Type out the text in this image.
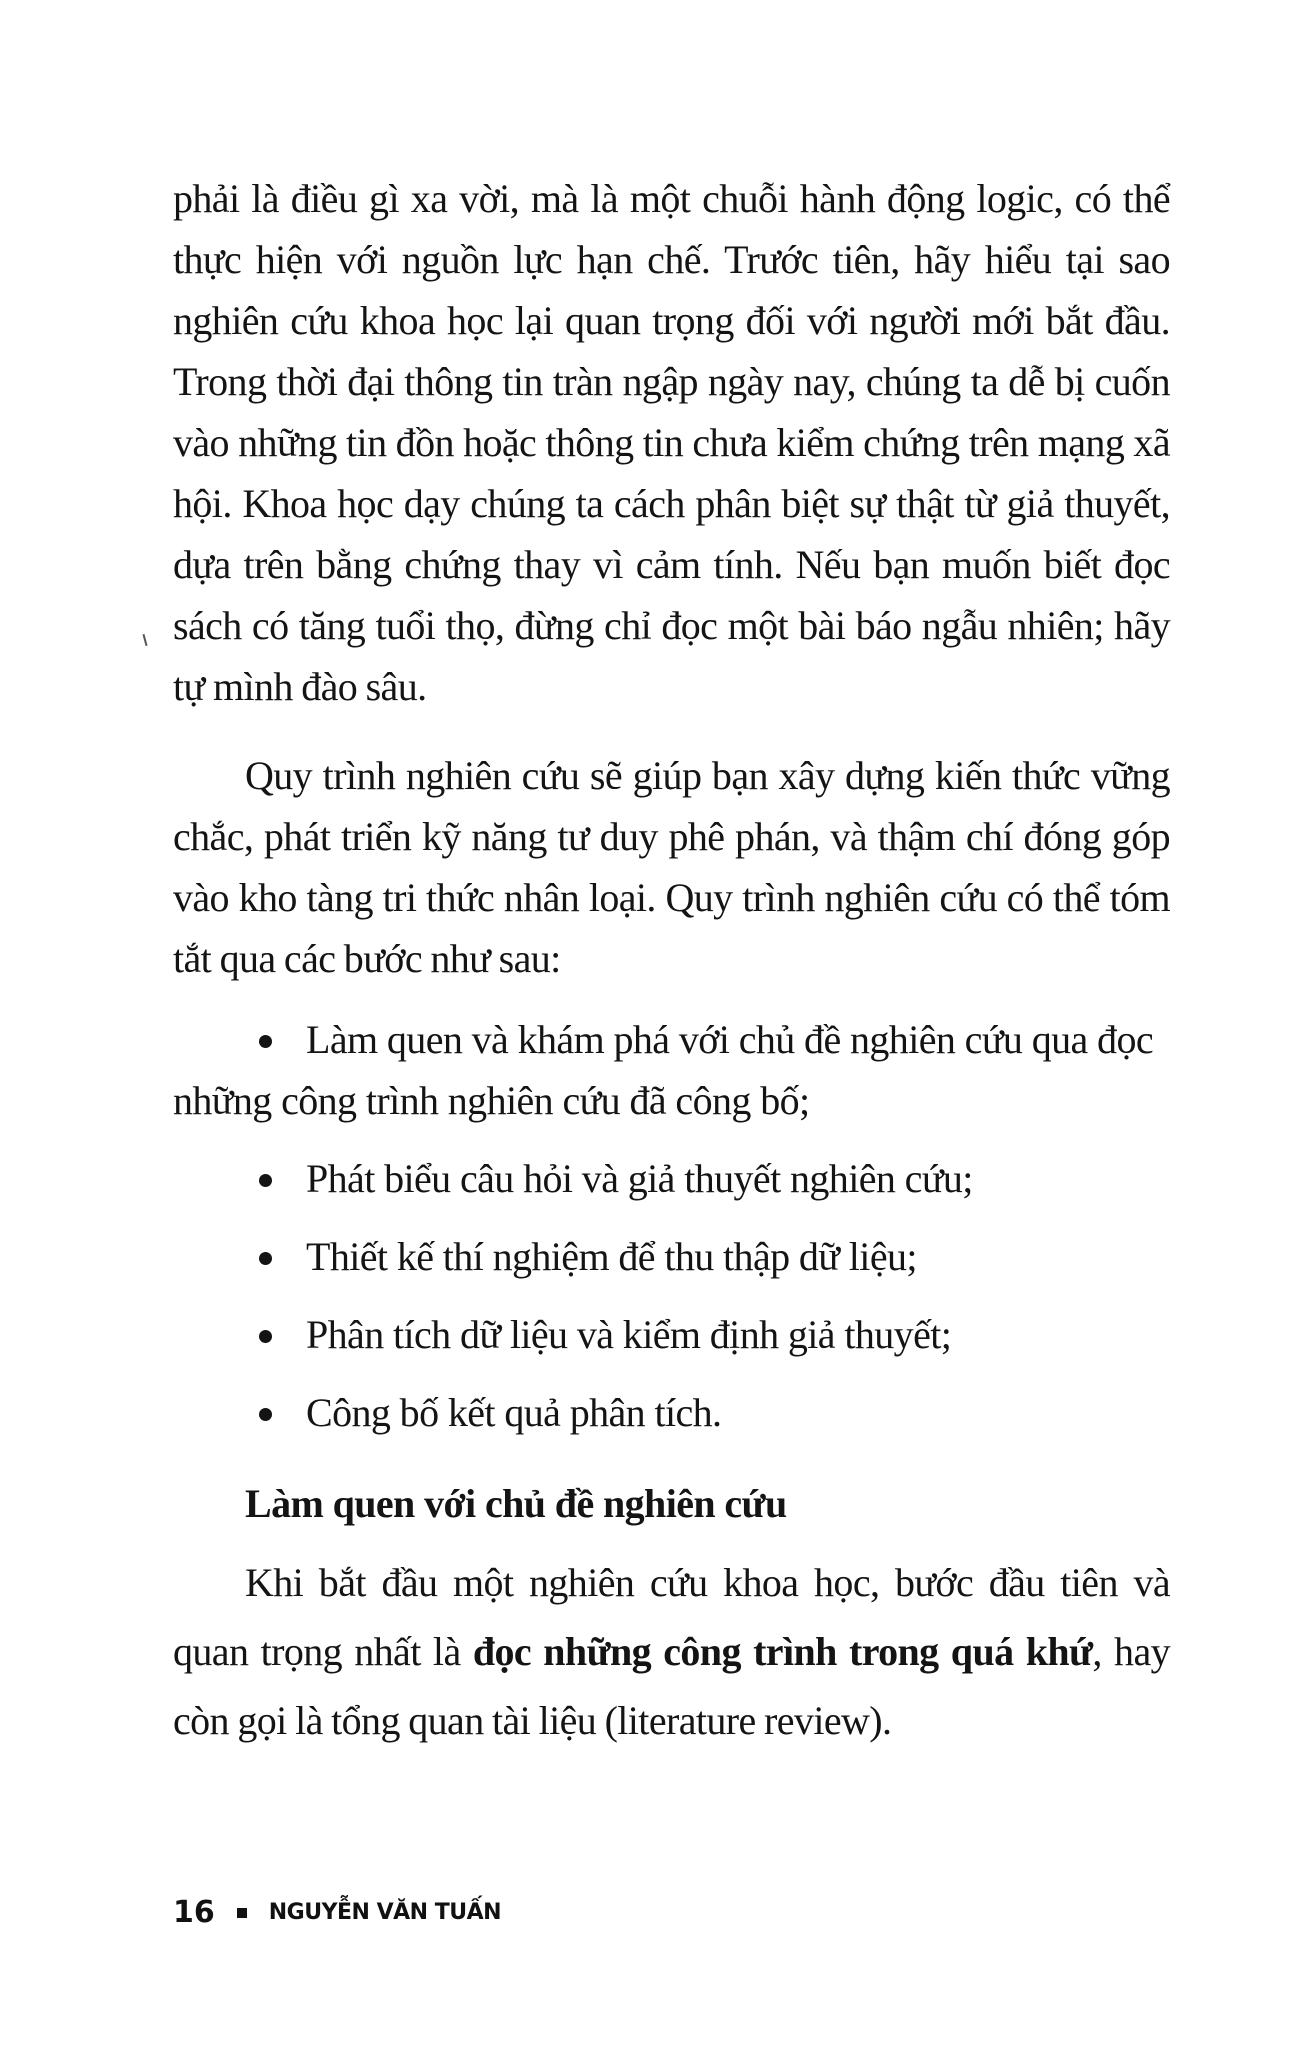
phải là điều gì xa vời, mà là một chuỗi hành động logic, có thể thực hiện với nguồn lực hạn chế. Trước tiên, hãy hiểu tại sao nghiên cứu khoa học lại quan trọng đối với người mới bắt đầu. Trong thời đại thông tin tràn ngập ngày nay, chúng ta dễ bị cuốn vào những tin đồn hoặc thông tin chưa kiểm chứng trên mạng xã hội. Khoa học dạy chúng ta cách phân biệt sự thật từ giả thuyết, dựa trên bằng chứng thay vì cảm tính. Nếu bạn muốn biết đọc sách có tăng tuổi thọ, đừng chỉ đọc một bài báo ngẫu nhiên; hãy tự mình đào sâu.

Quy trình nghiên cứu sẽ giúp bạn xây dựng kiến thức vững chắc, phát triển kỹ năng tư duy phê phán, và thậm chí đóng góp vào kho tàng tri thức nhân loại. Quy trình nghiên cứu có thể tóm tắt qua các bước như sau:

Làm quen và khám phá với chủ đề nghiên cứu qua đọc những công trình nghiên cứu đã công bố;
Phát biểu câu hỏi và giả thuyết nghiên cứu;
Thiết kế thí nghiệm để thu thập dữ liệu;
Phân tích dữ liệu và kiểm định giả thuyết;
Công bố kết quả phân tích.
Làm quen với chủ đề nghiên cứu

Khi bắt đầu một nghiên cứu khoa học, bước đầu tiên và quan trọng nhất là đọc những công trình trong quá khứ, hay còn gọi là tổng quan tài liệu (literature review).

16 NGUYỄN VĂN TUẤN
